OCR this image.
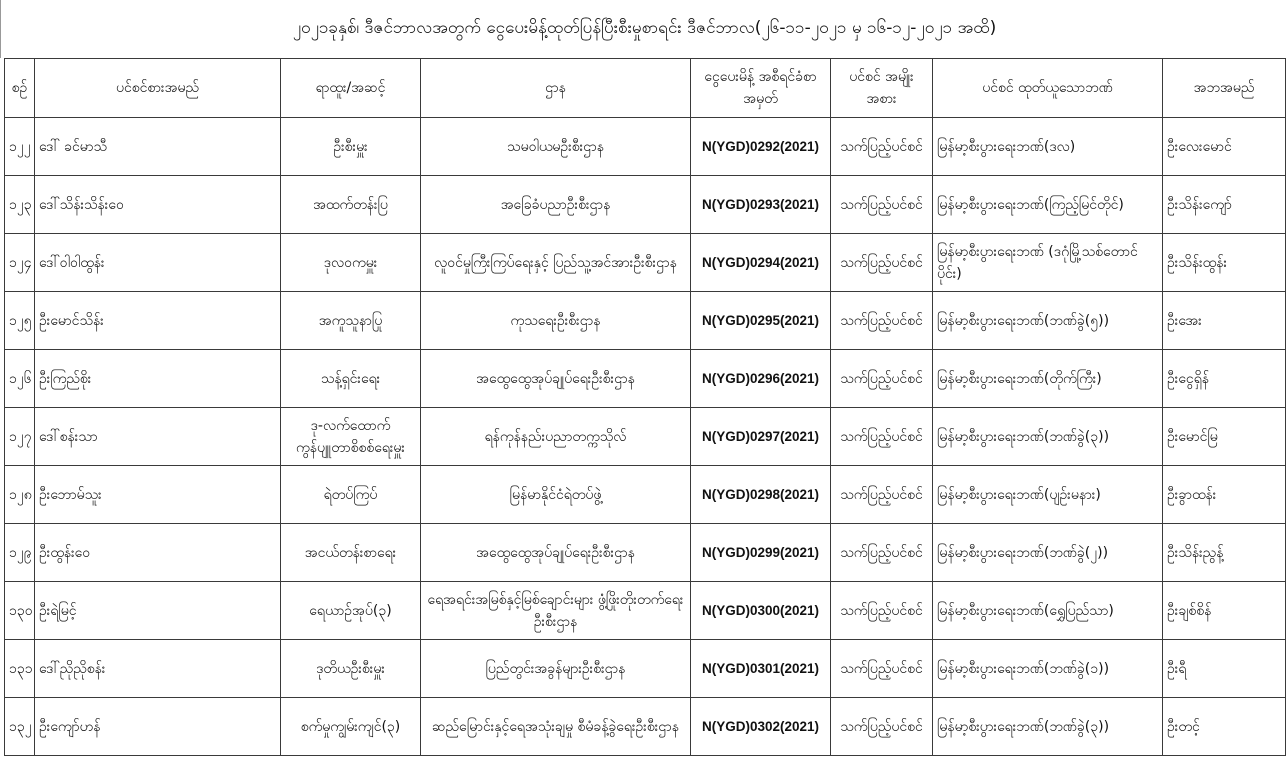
၂၀၂၁ခုနှစ်၊ ဒီဇင်ဘာလအတွက် ငွေပေးမိန့်ထုတ်ပြန်ပြီးစီးမှုစာရင်း ဒီဇင်ဘာလ(၂၆-၁၁-၂၀၂၁ မှ ၁၆-၁၂-၂၀၂၁ အထိ)
စဉ်	ပင်စင်စားအမည်	ရာထူး/အဆင့်	ဌာန	ငွေပေးမိန့် အစီရင်ခံစာအမှတ်	ပင်စင် အမျိုးအစား	ပင်စင် ထုတ်ယူသောဘဏ်	အဘအမည်
၁၂၂	ဒေါ် ခင်မာသီ	ဦးစီးမှူး	သမဝါယမဦးစီးဌာန	N(YGD)0292(2021)	သက်ပြည့်ပင်စင်	မြန်မာ့စီးပွားရေးဘဏ်(ဒလ)	ဦးလေးမောင်
၁၂၃	ဒေါ်သိန်းသိန်းဝေ	အထက်တန်းပြ	အခြေခံပညာဦးစီးဌာန	N(YGD)0293(2021)	သက်ပြည့်ပင်စင်	မြန်မာ့စီးပွားရေးဘဏ်(ကြည့်မြင်တိုင်)	ဦးသိန်းကျော်
၁၂၄	ဒေါ်ဝါဝါထွန်း	ဒုလဝကမှူး	လူဝင်မှုကြီးကြပ်ရေးနှင့် ပြည်သူ့အင်အားဦးစီးဌာန	N(YGD)0294(2021)	သက်ပြည့်ပင်စင်	မြန်မာ့စီးပွားရေးဘဏ် (ဒဂုံမြို့သစ်တောင်ပိုင်း)	ဦးသိန်းထွန်း
၁၂၅	ဦးမောင်သိန်း	အကူသူနာပြု	ကုသရေးဦးစီးဌာန	N(YGD)0295(2021)	သက်ပြည့်ပင်စင်	မြန်မာ့စီးပွားရေးဘဏ်(ဘဏ်ခွဲ(၅))	ဦးအေး
၁၂၆	ဦးကြည်စိုး	သန့်ရှင်းရေး	အထွေထွေအုပ်ချုပ်ရေးဦးစီးဌာန	N(YGD)0296(2021)	သက်ပြည့်ပင်စင်	မြန်မာ့စီးပွားရေးဘဏ်(တိုက်ကြီး)	ဦးငွေရှိန်
၁၂၇	ဒေါ်စန်းသာ	ဒု-လက်ထောက် ကွန်ပျူတာစိစစ်ရေးမှူး	ရန်ကုန်နည်းပညာတက္ကသိုလ်	N(YGD)0297(2021)	သက်ပြည့်ပင်စင်	မြန်မာ့စီးပွားရေးဘဏ်(ဘဏ်ခွဲ(၃))	ဦးမောင်မြ
၁၂၈	ဦးဘောမ်သူး	ရဲတပ်ကြပ်	မြန်မာနိုင်ငံရဲတပ်ဖွဲ့	N(YGD)0298(2021)	သက်ပြည့်ပင်စင်	မြန်မာ့စီးပွားရေးဘဏ်(ပျဉ်းမနား)	ဦးခွာထန်း
၁၂၉	ဦးထွန်းဝေ	အငယ်တန်းစာရေး	အထွေထွေအုပ်ချုပ်ရေးဦးစီးဌာန	N(YGD)0299(2021)	သက်ပြည့်ပင်စင်	မြန်မာ့စီးပွားရေးဘဏ်(ဘဏ်ခွဲ(၂))	ဦးသိန်းညွန့်
၁၃၀	ဦးရဲမြင့်	ရေယာဉ်အုပ်(၃)	ရေအရင်းအမြစ်နှင့်မြစ်ချောင်းများ ဖွံ့ဖြိုးတိုးတက်ရေးဦးစီးဌာန	N(YGD)0300(2021)	သက်ပြည့်ပင်စင်	မြန်မာ့စီးပွားရေးဘဏ်(ရွှေပြည်သာ)	ဦးချစ်စိန်
၁၃၁	ဒေါ်ညိုညိုစန်း	ဒုတိယဦးစီးမှူး	ပြည်တွင်းအခွန်များဦးစီးဌာန	N(YGD)0301(2021)	သက်ပြည့်ပင်စင်	မြန်မာ့စီးပွားရေးဘဏ်(ဘဏ်ခွဲ(၁))	ဦးရီ
၁၃၂	ဦးကျော်ဟန်	စက်မှုကျွမ်းကျင်(၃)	ဆည်မြောင်းနှင့်ရေအသုံးချမှု စီမံခန့်ခွဲရေးဦးစီးဌာန	N(YGD)0302(2021)	သက်ပြည့်ပင်စင်	မြန်မာ့စီးပွားရေးဘဏ်(ဘဏ်ခွဲ(၃))	ဦးတင့်
